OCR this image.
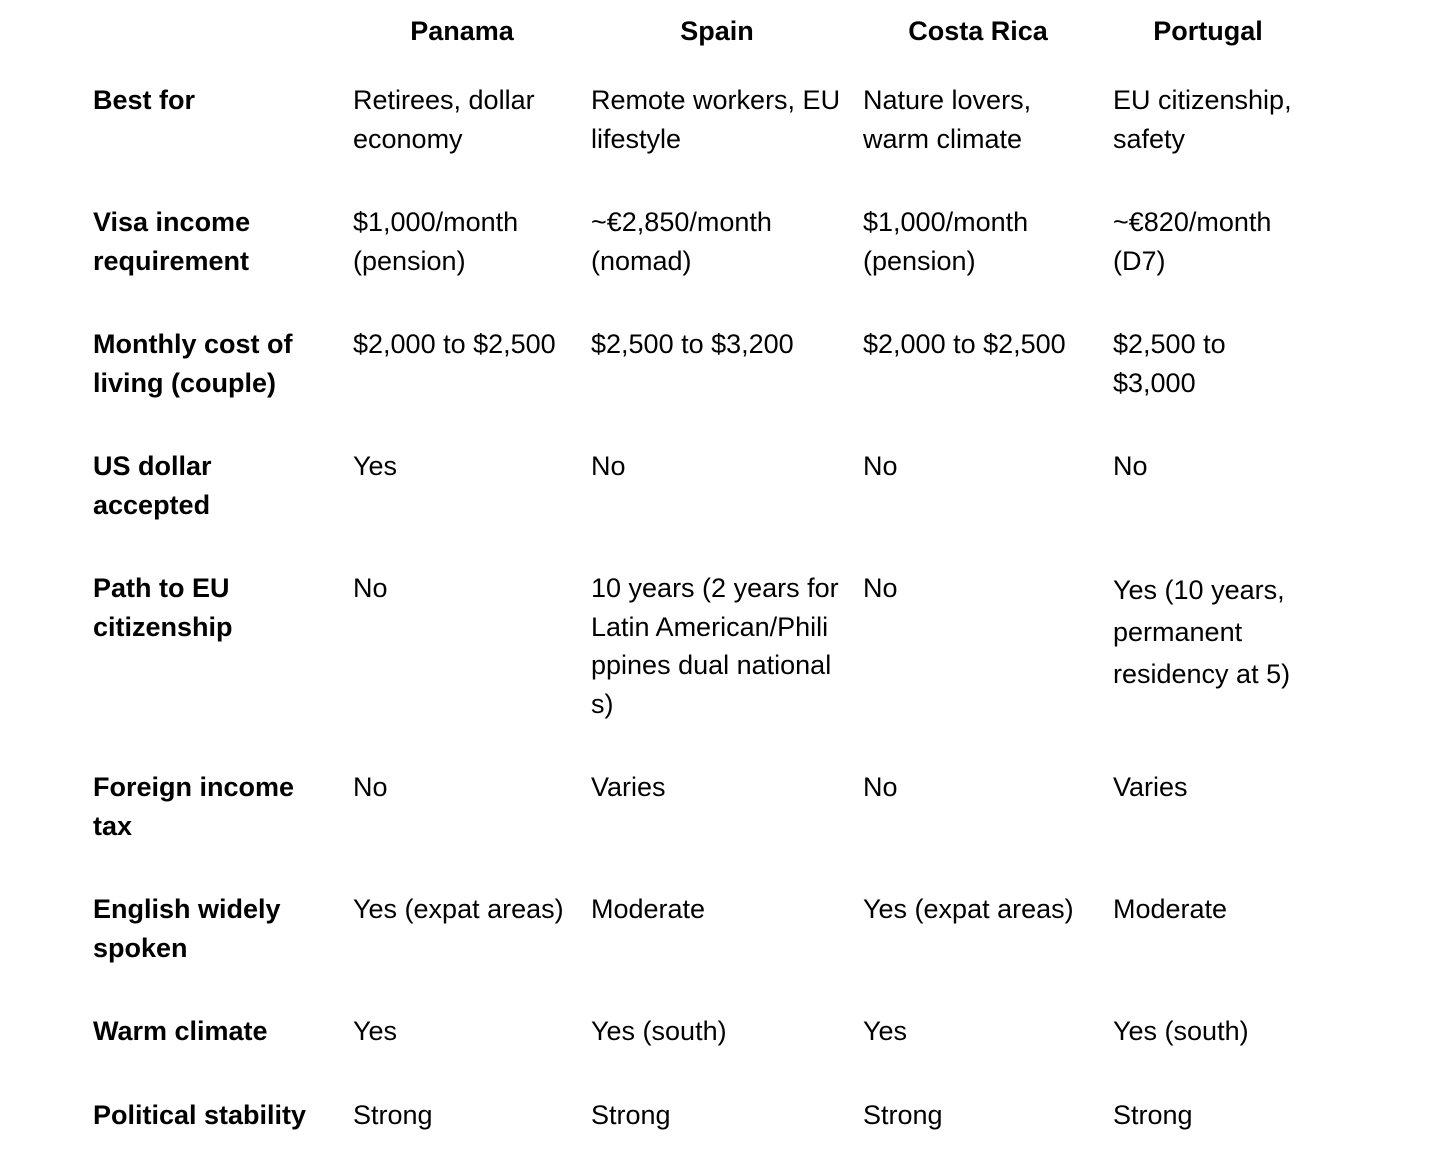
	Panama	Spain	Costa Rica	Portugal
Best for	Retirees, dollar economy	Remote workers, EU lifestyle	Nature lovers, warm climate	EU citizenship, safety
Visa income requirement	$1,000/month (pension)	~€2,850/month (nomad)	$1,000/month (pension)	~€820/month (D7)
Monthly cost of living (couple)	$2,000 to $2,500	$2,500 to $3,200	$2,000 to $2,500	$2,500 to $3,000
US dollar accepted	Yes	No	No	No
Path to EU citizenship	No	10 years (2 years for Latin American/Philippines dual nationals)	No	Yes (10 years, permanent residency at 5)
Foreign income tax	No	Varies	No	Varies
English widely spoken	Yes (expat areas)	Moderate	Yes (expat areas)	Moderate
Warm climate	Yes	Yes (south)	Yes	Yes (south)
Political stability	Strong	Strong	Strong	Strong
